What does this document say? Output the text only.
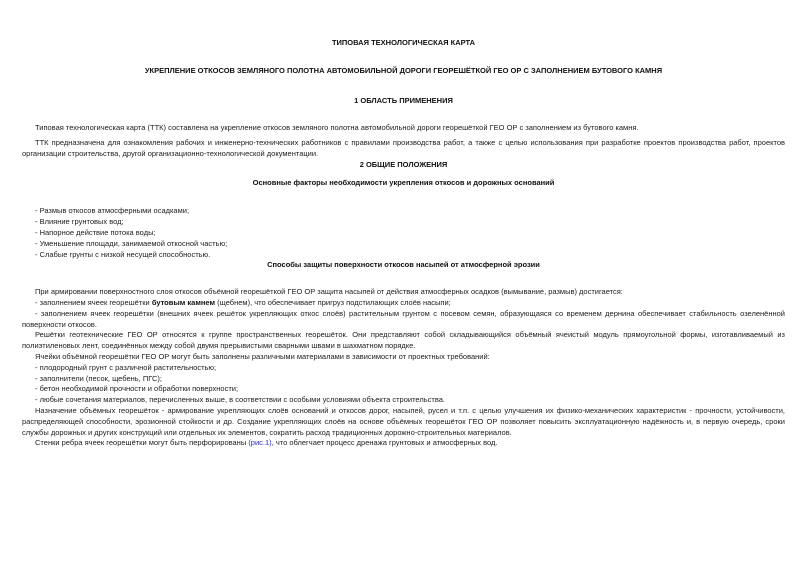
ТИПОВАЯ ТЕХНОЛОГИЧЕСКАЯ КАРТА
УКРЕПЛЕНИЕ ОТКОСОВ ЗЕМЛЯНОГО ПОЛОТНА АВТОМОБИЛЬНОЙ ДОРОГИ ГЕОРЕШЁТКОЙ ГЕО ОР С ЗАПОЛНЕНИЕМ БУТОВОГО КАМНЯ
1 ОБЛАСТЬ ПРИМЕНЕНИЯ

Типовая технологическая карта (ТТК) составлена на укрепление откосов земляного полотна автомобильной дороги георешёткой ГЕО ОР с заполнением из бутового камня.

ТТК предназначена для ознакомления рабочих и инженерно-технических работников с правилами производства работ, а также с целью использования при разработке проектов производства работ, проектов организации строительства, другой организационно-технологической документации.

2 ОБЩИЕ ПОЛОЖЕНИЯ
Основные факторы необходимости укрепления откосов и дорожных оснований

- Размыв откосов атмосферными осадками;

- Влияние грунтовых вод;

- Напорное действие потока воды;

- Уменьшение площади, занимаемой откосной частью;

- Слабые грунты с низкой несущей способностью.

Способы защиты поверхности откосов насыпей от атмосферной эрозии

При армировании поверхностного слоя откосов объёмной георешёткой ГЕО ОР защита насыпей от действия атмосферных осадков (вымывание, размыв) достигается:

- заполнением ячеек георешётки бутовым камнем (щебнем), что обеспечивает пригруз подстилающих слоёв насыпи;

- заполнением ячеек георешётки (внешних ячеек решёток укрепляющих откос слоёв) растительным грунтом с посевом семян, образующаяся со временем дернина обеспечивает стабильность озеленённой поверхности откосов.

Решётки геотехнические ГЕО ОР относятся к группе пространственных георешёток. Они представляют собой складывающийся объёмный ячеистый модуль прямоугольной формы, изготавливаемый из полиэтиленовых лент, соединённых между собой двумя прерывистыми сварными швами в шахматном порядке.

Ячейки объёмной георешётки ГЕО ОР могут быть заполнены различными материалами в зависимости от проектных требований:

- плодородный грунт с различной растительностью;

- заполнители (песок, щебень, ПГС);

- бетон необходимой прочности и обработки поверхности;

- любые сочетания материалов, перечисленных выше, в соответствии с особыми условиями объекта строительства.

Назначение объёмных георешёток - армирование укрепляющих слоёв оснований и откосов дорог, насыпей, русел и т.п. с целью улучшения их физико-механических характеристик - прочности, устойчивости, распределяющей способности, эрозионной стойкости и др. Создание укрепляющих слоёв на основе объёмных георешёток ГЕО ОР позволяет повысить эксплуатационную надёжность и, в первую очередь, сроки службы дорожных и других конструкций или отдельных их элементов, сократить расход традиционных дорожно-строительных материалов.

Стенки ребра ячеек георешётки могут быть перфорированы (рис.1), что облегчает процесс дренажа грунтовых и атмосферных вод.
